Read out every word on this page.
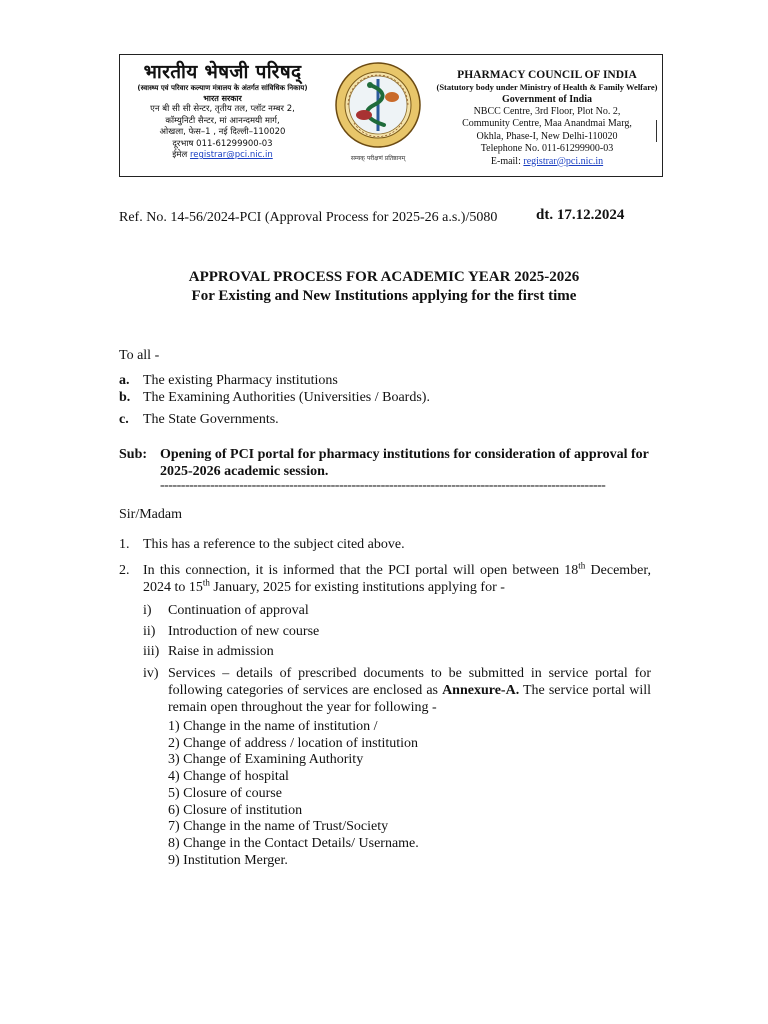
भारतीय भेषजी परिषद्
(स्वास्थ्य एवं परिवार कल्याण मंत्रालय के अंतर्गत सांविधिक निकाय)
भारत सरकार
एन बी सी सी सेन्टर, तृतीय तल, प्लॉट नम्बर 2,
कॉम्युनिटी सैन्टर, मां आनन्दमयी मार्ग,
ओखला, फेस–1 , नई दिल्ली–110020
दूरभाष 011-61299900-03
ईमेल registrar@pci.nic.in	सम्यक् परीक्षणं प्रतिष्ठानम्
PHARMACY COUNCIL OF INDIA
(Statutory body under Ministry of Health & Family Welfare)
Government of India
NBCC Centre, 3rd Floor, Plot No. 2,
Community Centre, Maa Anandmai Marg,
Okhla, Phase-I, New Delhi-110020
Telephone No. 011-61299900-03
E-mail: registrar@pci.nic.in
Ref. No. 14-56/2024-PCI (Approval Process for 2025-26 a.s.)/5080	dt. 17.12.2024
APPROVAL PROCESS FOR ACADEMIC YEAR 2025-2026
For Existing and New Institutions applying for the first time
To all -
a. The existing Pharmacy institutions
b. The Examining Authorities (Universities / Boards).
c. The State Governments.
Sub: Opening of PCI portal for pharmacy institutions for consideration of approval for 2025-2026 academic session.
-----------------------------------------------------------------------------------------------------------
Sir/Madam
1. This has a reference to the subject cited above.
2. In this connection, it is informed that the PCI portal will open between 18th December, 2024 to 15th January, 2025 for existing institutions applying for -
i) Continuation of approval
ii) Introduction of new course
iii) Raise in admission
iv) Services – details of prescribed documents to be submitted in service portal for following categories of services are enclosed as Annexure-A. The service portal will remain open throughout the year for following -
1) Change in the name of institution /
2) Change of address / location of institution
3) Change of Examining Authority
4) Change of hospital
5) Closure of course
6) Closure of institution
7) Change in the name of Trust/Society
8) Change in the Contact Details/ Username.
9) Institution Merger.
